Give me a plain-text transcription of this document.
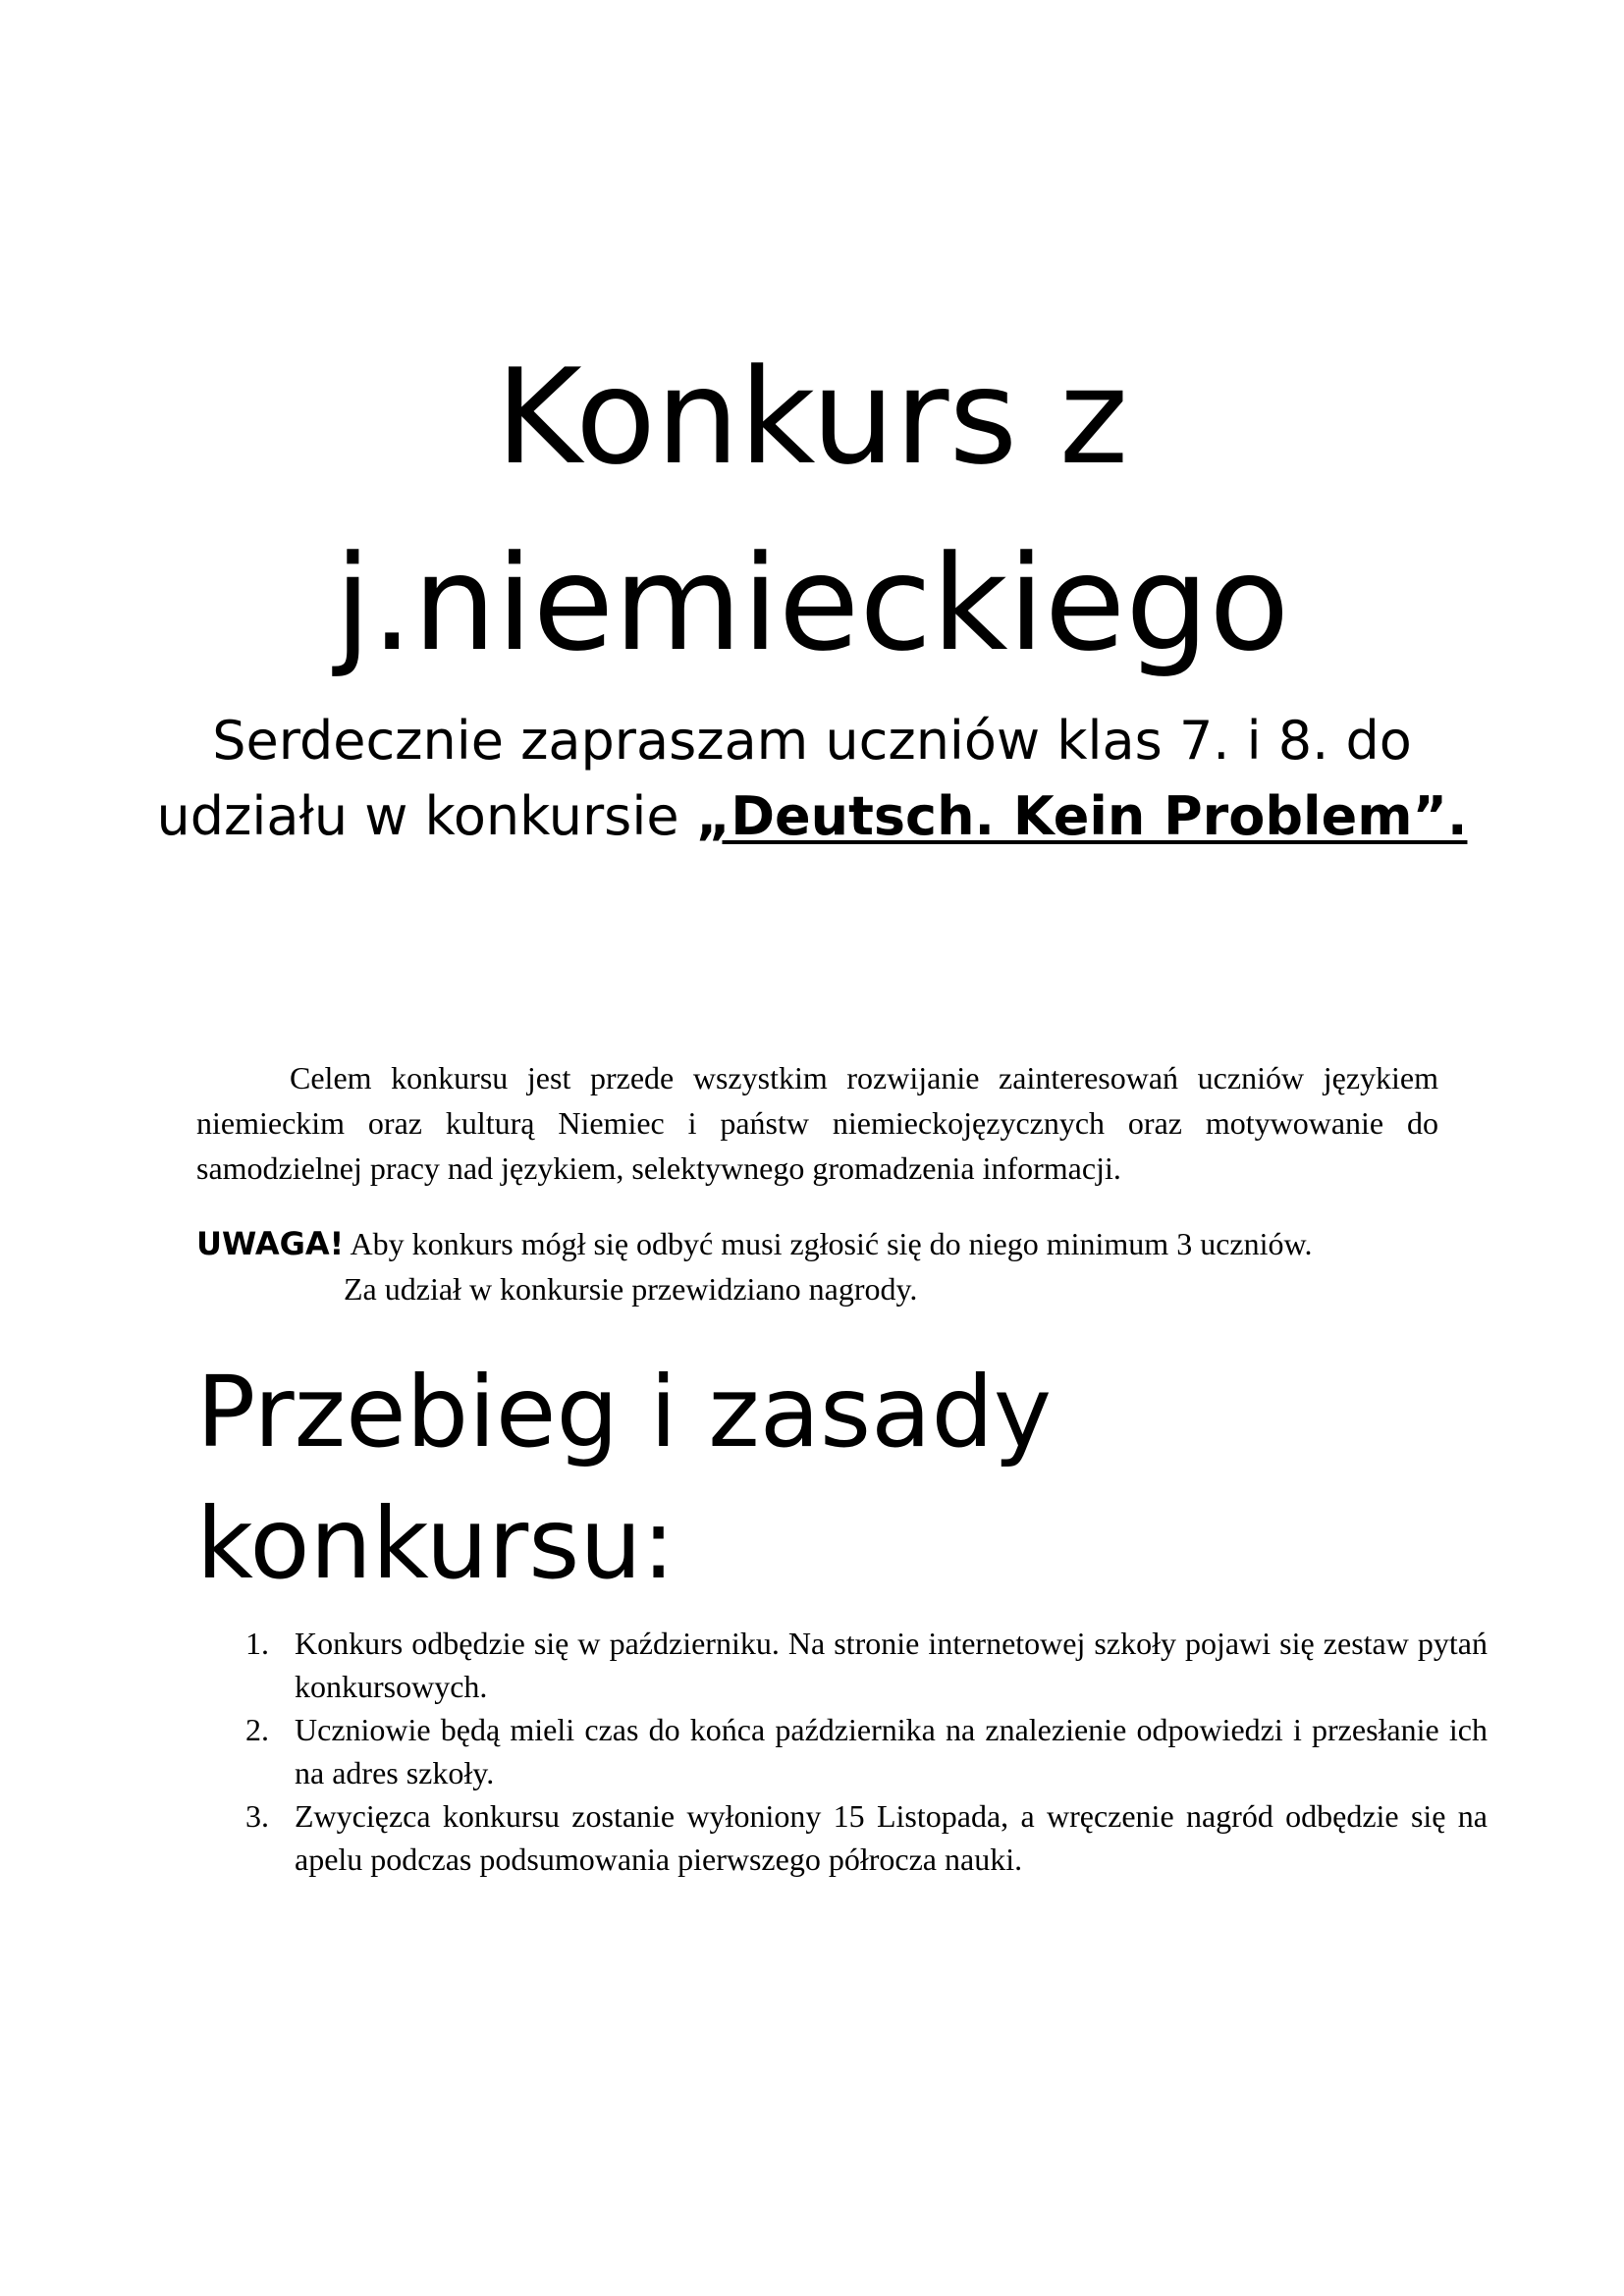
Konkurs z
j.niemieckiego

Serdecznie zapraszam uczniów klas 7. i 8. do udziału w konkursie „Deutsch. Kein Problem”.

Celem konkursu jest przede wszystkim rozwijanie zainteresowań uczniów językiem niemieckim oraz kulturą Niemiec i państw niemieckojęzycznych oraz motywowanie do samodzielnej pracy nad językiem, selektywnego gromadzenia informacji.

UWAGA! Aby konkurs mógł się odbyć musi zgłosić się do niego minimum 3 uczniów.
Za udział w konkursie przewidziano nagrody.

Przebieg i zasady
konkursu:
1. Konkurs odbędzie się w październiku. Na stronie internetowej szkoły pojawi się zestaw pytań konkursowych.
2. Uczniowie będą mieli czas do końca października na znalezienie odpowiedzi i przesłanie ich na adres szkoły.
3. Zwycięzca konkursu zostanie wyłoniony 15 Listopada, a wręczenie nagród odbędzie się na apelu podczas podsumowania pierwszego półrocza nauki.
